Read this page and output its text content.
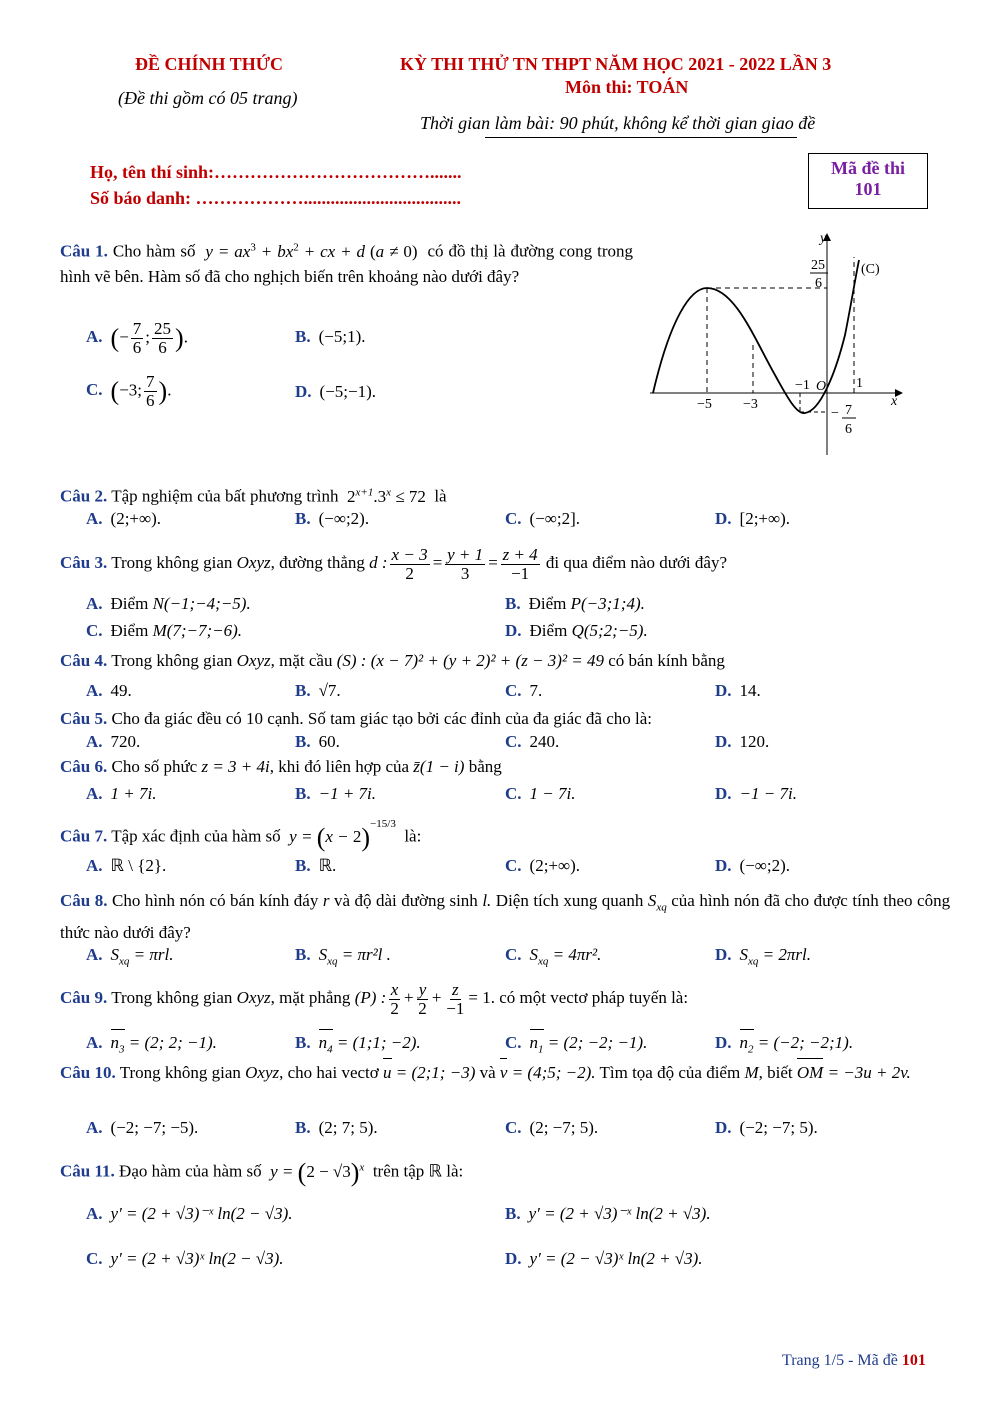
ĐỀ CHÍNH THỨC
(Đề thi gồm có 05 trang)
KỲ THI THỬ TN THPT NĂM HỌC 2021 - 2022 LẦN 3
Môn thi: TOÁN
Thời gian làm bài: 90 phút, không kể thời gian giao đề
Họ, tên thí sinh:……………………………….......
Số báo danh: ………………...................................
Mã đề thi
101
Câu 1. Cho hàm số  $y = ax^3 + bx^2$ + cx + d (a ≠ 0) có đồ thị là đường cong trong hình vẽ bên. Hàm số đã cho nghịch biến trên khoảng nào dưới đây?
A. (− $\frac{7}{6}$ ; $\frac{25}{6}$ ).	B. (−5;1).
C. (−3; $\frac{7}{6}$ ).	D. (−5;−1).
y
x
(C)
O
25
6
−5 −3
−1	1
− 7
6
Câu 2. Tập nghiệm của bất phương trình $2^{x+1}.3^x \le 72$ là
A. (2;+∞).	B. (−∞;2).	C. (−∞;2].	D. [2;+∞).
Câu 3. Trong không gian Oxyz, đường thẳng d : $\frac{x - 3}{2} = \frac{y + 1}{3} = \frac{z + 4}{-1}$ đi qua điểm nào dưới đây?
A. Điểm N(−1;−4;−5).	B. Điểm P(−3;1;4).
C. Điểm M(7;−7;−6).	D. Điểm Q(5;2;−5).
Câu 4. Trong không gian Oxyz, mặt cầu (S) : (x − 7)² + (y + 2)² + (z − 3)² = 49 có bán kính bằng
A. 49.	B. √7.	C. 7.	D. 14.
Câu 5. Cho đa giác đều có 10 cạnh. Số tam giác tạo bởi các đỉnh của đa giác đã cho là:
A. 720.	B. 60.	C. 240.	D. 120.
Câu 6. Cho số phức z = 3 + 4i, khi đó liên hợp của z̄(1 − i) bằng
A. 1 + 7i.	B. −1 + 7i.	C. 1 − 7i.	D. −1 − 7i.
Câu 7. Tập xác định của hàm số  $y = (x - 2)^{-15/3}$  là:
A. ℝ \ {2}.	B. ℝ.	C. (2;+∞).	D. (−∞;2).
Câu 8. Cho hình nón có bán kính đáy r và độ dài đường sinh l. Diện tích xung quanh $S_{xq}$ của hình nón đã cho được tính theo công thức nào dưới đây?
A. $S_{xq} = \pi rl$.	B. $S_{xq} = \pi r^2l$ .	C. $S_{xq} = 4\pi r^2$.	D. $S_{xq} = 2\pi rl$.
Câu 9. Trong không gian Oxyz, mặt phẳng (P) : $\frac{x}{2} + \frac{y}{2} + \frac{z}{-1} = 1$. có một vectơ pháp tuyến là:
A. $n_3 = (2$; 2; −1).	B. $n_4$ = (1;1; −2).	C. $n_1 = (2$; −2; −1).	D. $n_2 = (-2$; −2;1).
Câu 10. Trong không gian Oxyz, cho hai vectơ u = (2;1; −3) và v = (4;5; −2). Tìm tọa độ của điểm M, biết OM = −3u + 2v.
A. (−2; −7; −5).	B. (2; 7; 5).	C. (2; −7; 5).	D. (−2; −7; 5).
Câu 11. Đạo hàm của hàm số  $y = (2 - √3)^x$ trên tập ℝ là:
A. y′ = (2 + √3)⁻ˣ ln(2 − √3).	B. y′ = (2 + √3)⁻ˣ ln(2 + √3).
C. y′ = (2 + √3)ˣ ln(2 − √3).	D. y′ = (2 − √3)ˣ ln(2 + √3).
Trang 1/5 - Mã đề 101
